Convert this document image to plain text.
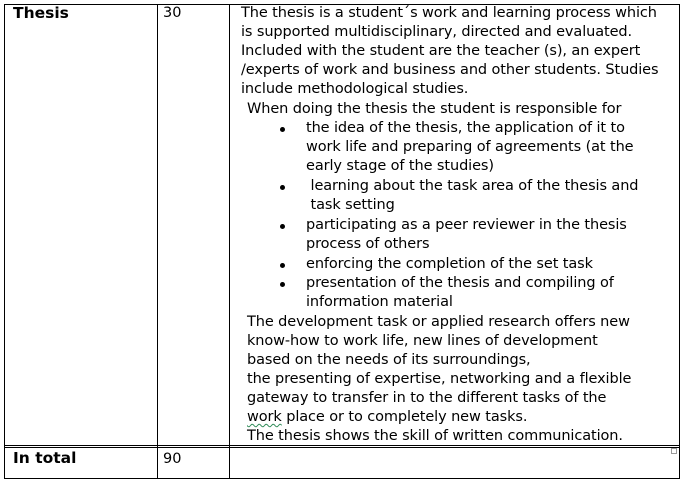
Thesis	30	The thesis is a student´s work and learning process which
is supported multidisciplinary, directed and evaluated.
Included with the student are the teacher (s), an expert
/experts of work and business and other students. Studies
include methodological studies.
When doing the thesis the student is responsible for
the idea of the thesis, the application of it to
work life and preparing of agreements (at the
early stage of the studies)
learning about the task area of the thesis and
task setting
participating as a peer reviewer in the thesis
process of others
enforcing the completion of the set task
presentation of the thesis and compiling of
information material
The development task or applied research offers new
know-how to work life, new lines of development
based on the needs of its surroundings,
the presenting of expertise, networking and a flexible
gateway to transfer in to the different tasks of the
work place or to completely new tasks.
The thesis shows the skill of written communication.
In total	90
